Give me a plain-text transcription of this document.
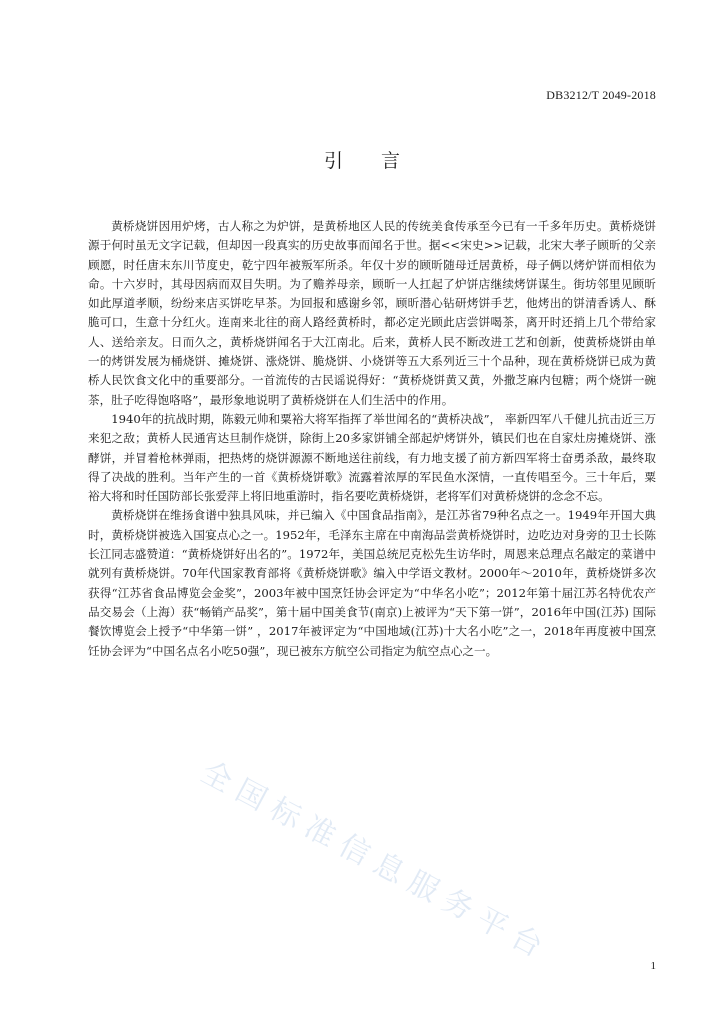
DB3212/T 2049-2018
引言

黄桥烧饼因用炉烤，古人称之为炉饼，是黄桥地区人民的传统美食传承至今已有一千多年历史。黄桥烧饼源于何时虽无文字记载，但却因一段真实的历史故事而闻名于世。据<<宋史>>记载，北宋大孝子顾昕的父亲顾愿，时任唐末东川节度史，乾宁四年被叛军所杀。年仅十岁的顾昕随母迁居黄桥，母子俩以烤炉饼而相依为命。十六岁时，其母因病而双目失明。为了赡养母亲，顾昕一人扛起了炉饼店继续烤饼谋生。街坊邻里见顾昕如此厚道孝顺，纷纷来店买饼吃早茶。为回报和感谢乡邻，顾昕潜心钻研烤饼手艺，他烤出的饼清香诱人、酥脆可口，生意十分红火。连南来北往的商人路经黄桥时，都必定光顾此店尝饼喝茶，离开时还捎上几个带给家人、送给亲友。日而久之，黄桥烧饼闻名于大江南北。后来，黄桥人民不断改进工艺和创新，使黄桥烧饼由单一的烤饼发展为桶烧饼、摊烧饼、涨烧饼、脆烧饼、小烧饼等五大系列近三十个品种，现在黄桥烧饼已成为黄桥人民饮食文化中的重要部分。一首流传的古民谣说得好：“黄桥烧饼黄又黄，外撒芝麻内包糖；两个烧饼一碗茶，肚子吃得饱咯咯”，最形象地说明了黄桥烧饼在人们生活中的作用。

1940年的抗战时期，陈毅元帅和粟裕大将军指挥了举世闻名的“黄桥决战”， 率新四军八千健儿抗击近三万来犯之敌；黄桥人民通宵达旦制作烧饼，除街上20多家饼铺全部起炉烤饼外，镇民们也在自家灶房摊烧饼、涨酵饼，并冒着枪林弹雨，把热烤的烧饼源源不断地送往前线，有力地支援了前方新四军将士奋勇杀敌，最终取得了决战的胜利。当年产生的一首《黄桥烧饼歌》流露着浓厚的军民鱼水深情，一直传唱至今。三十年后，粟裕大将和时任国防部长张爱萍上将旧地重游时，指名要吃黄桥烧饼，老将军们对黄桥烧饼的念念不忘。

黄桥烧饼在维扬食谱中独具风味，并已编入《中国食品指南》，是江苏省79种名点之一。1949年开国大典时，黄桥烧饼被选入国宴点心之一。1952年，毛泽东主席在中南海品尝黄桥烧饼时，边吃边对身旁的卫士长陈长江同志盛赞道：“黄桥烧饼好出名的”。1972年，美国总统尼克松先生访华时，周恩来总理点名敲定的菜谱中就列有黄桥烧饼。70年代国家教育部将《黄桥烧饼歌》编入中学语文教材。2000年～2010年，黄桥烧饼多次获得“江苏省食品博览会金奖”，2003年被中国烹饪协会评定为“中华名小吃”；2012年第十届江苏名特优农产品交易会（上海）获“畅销产品奖”，第十届中国美食节(南京)上被评为“天下第一饼”，2016年中国(江苏) 国际餐饮博览会上授予“中华第一饼” ，2017年被评定为“中国地域(江苏)十大名小吃”之一，2018年再度被中国烹饪协会评为“中国名点名小吃50强”，现已被东方航空公司指定为航空点心之一。

全国标准信息服务平台	1
